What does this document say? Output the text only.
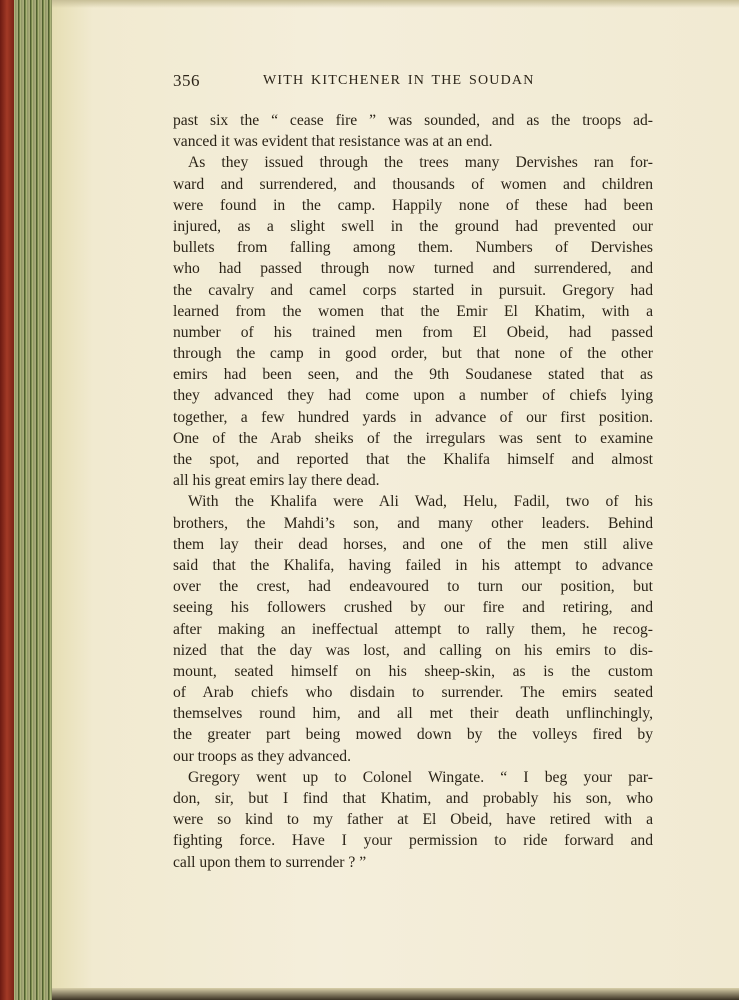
356	WITH KITCHENER IN THE SOUDAN
past six the “ cease fire ” was sounded, and as the troops ad-
vanced it was evident that resistance was at an end.
As they issued through the trees many Dervishes ran for-
ward and surrendered, and thousands of women and children
were found in the camp. Happily none of these had been
injured, as a slight swell in the ground had prevented our
bullets from falling among them. Numbers of Dervishes
who had passed through now turned and surrendered, and
the cavalry and camel corps started in pursuit. Gregory had
learned from the women that the Emir El Khatim, with a
number of his trained men from El Obeid, had passed
through the camp in good order, but that none of the other
emirs had been seen, and the 9th Soudanese stated that as
they advanced they had come upon a number of chiefs lying
together, a few hundred yards in advance of our first position.
One of the Arab sheiks of the irregulars was sent to examine
the spot, and reported that the Khalifa himself and almost
all his great emirs lay there dead.
With the Khalifa were Ali Wad, Helu, Fadil, two of his
brothers, the Mahdi’s son, and many other leaders. Behind
them lay their dead horses, and one of the men still alive
said that the Khalifa, having failed in his attempt to advance
over the crest, had endeavoured to turn our position, but
seeing his followers crushed by our fire and retiring, and
after making an ineffectual attempt to rally them, he recog-
nized that the day was lost, and calling on his emirs to dis-
mount, seated himself on his sheep-skin, as is the custom
of Arab chiefs who disdain to surrender. The emirs seated
themselves round him, and all met their death unflinchingly,
the greater part being mowed down by the volleys fired by
our troops as they advanced.
Gregory went up to Colonel Wingate. “ I beg your par-
don, sir, but I find that Khatim, and probably his son, who
were so kind to my father at El Obeid, have retired with a
fighting force. Have I your permission to ride forward and
call upon them to surrender ? ”
